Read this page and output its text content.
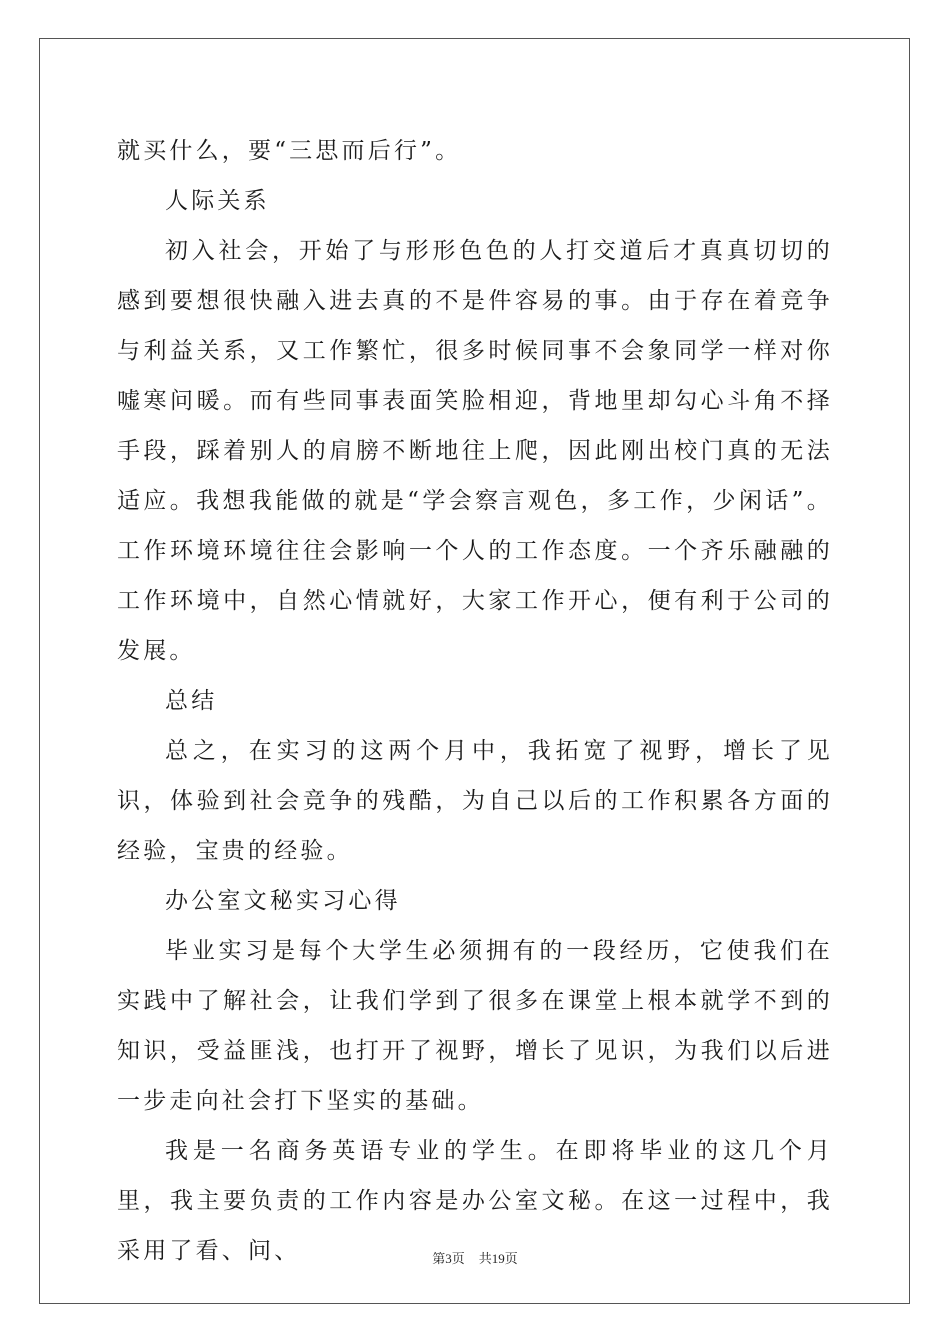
就买什么，要“三思而后行”。

人际关系

初入社会，开始了与形形色色的人打交道后才真真切切的感到要想很快融入进去真的不是件容易的事。由于存在着竞争与利益关系，又工作繁忙，很多时候同事不会象同学一样对你嘘寒问暖。而有些同事表面笑脸相迎，背地里却勾心斗角不择手段，踩着别人的肩膀不断地往上爬，因此刚出校门真的无法适应。我想我能做的就是“学会察言观色，多工作，少闲话”。工作环境环境往往会影响一个人的工作态度。一个齐乐融融的工作环境中，自然心情就好，大家工作开心，便有利于公司的发展。

总结

总之，在实习的这两个月中，我拓宽了视野，增长了见识，体验到社会竞争的残酷，为自己以后的工作积累各方面的经验，宝贵的经验。

办公室文秘实习心得

毕业实习是每个大学生必须拥有的一段经历，它使我们在实践中了解社会，让我们学到了很多在课堂上根本就学不到的知识，受益匪浅，也打开了视野，增长了见识，为我们以后进一步走向社会打下坚实的基础。

我是一名商务英语专业的学生。在即将毕业的这几个月里，我主要负责的工作内容是办公室文秘。在这一过程中，我采用了看、问、	第3页 共19页
